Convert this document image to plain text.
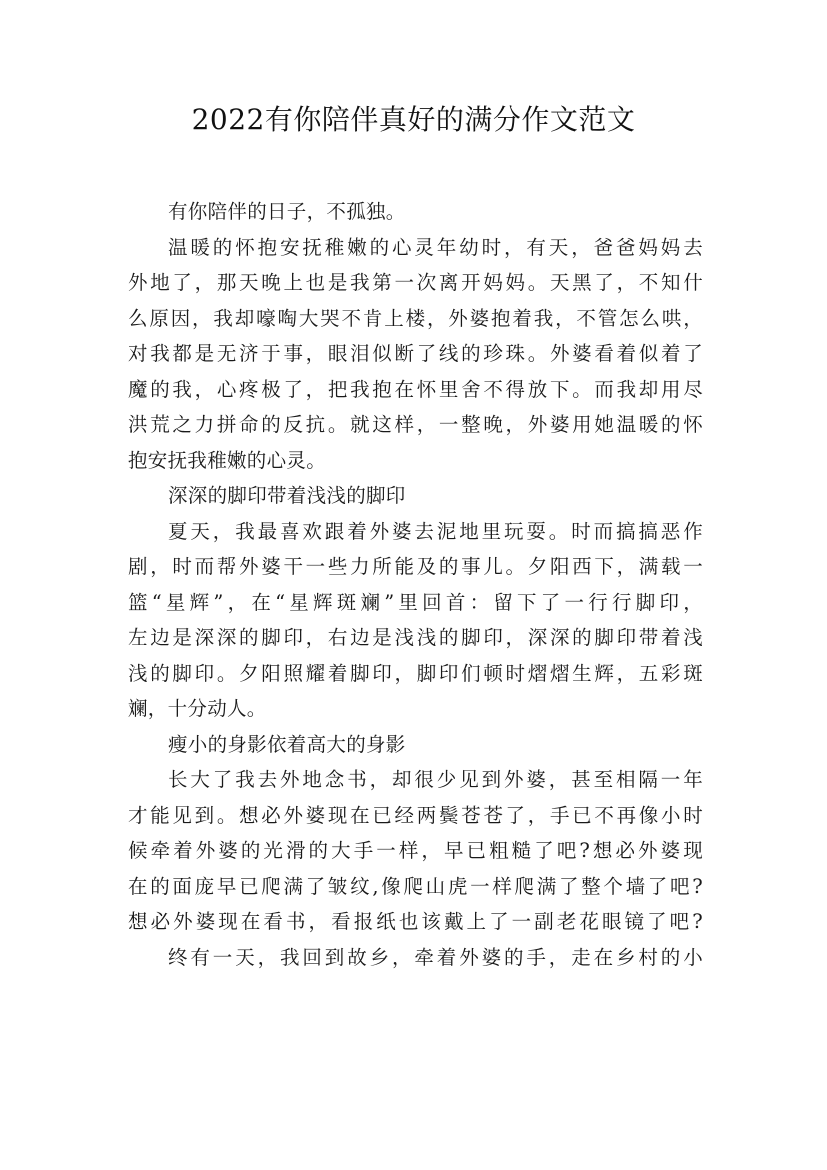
2022有你陪伴真好的满分作文范文
有你陪伴的日子，不孤独。
温暖的怀抱安抚稚嫩的心灵年幼时，有天，爸爸妈妈去
外地了，那天晚上也是我第一次离开妈妈。天黑了，不知什
么原因，我却嚎啕大哭不肯上楼，外婆抱着我，不管怎么哄，
对我都是无济于事，眼泪似断了线的珍珠。外婆看着似着了
魔的我，心疼极了，把我抱在怀里舍不得放下。而我却用尽
洪荒之力拼命的反抗。就这样，一整晚，外婆用她温暖的怀
抱安抚我稚嫩的心灵。
深深的脚印带着浅浅的脚印
夏天，我最喜欢跟着外婆去泥地里玩耍。时而搞搞恶作
剧，时而帮外婆干一些力所能及的事儿。夕阳西下，满载一
篮“星辉”，在“星辉斑斓”里回首：留下了一行行脚印，
左边是深深的脚印，右边是浅浅的脚印，深深的脚印带着浅
浅的脚印。夕阳照耀着脚印，脚印们顿时熠熠生辉，五彩斑
斓，十分动人。
瘦小的身影依着高大的身影
长大了我去外地念书，却很少见到外婆，甚至相隔一年
才能见到。想必外婆现在已经两鬓苍苍了，手已不再像小时
候牵着外婆的光滑的大手一样，早已粗糙了吧?想必外婆现
在的面庞早已爬满了皱纹,像爬山虎一样爬满了整个墙了吧?
想必外婆现在看书，看报纸也该戴上了一副老花眼镜了吧?
终有一天，我回到故乡，牵着外婆的手，走在乡村的小
